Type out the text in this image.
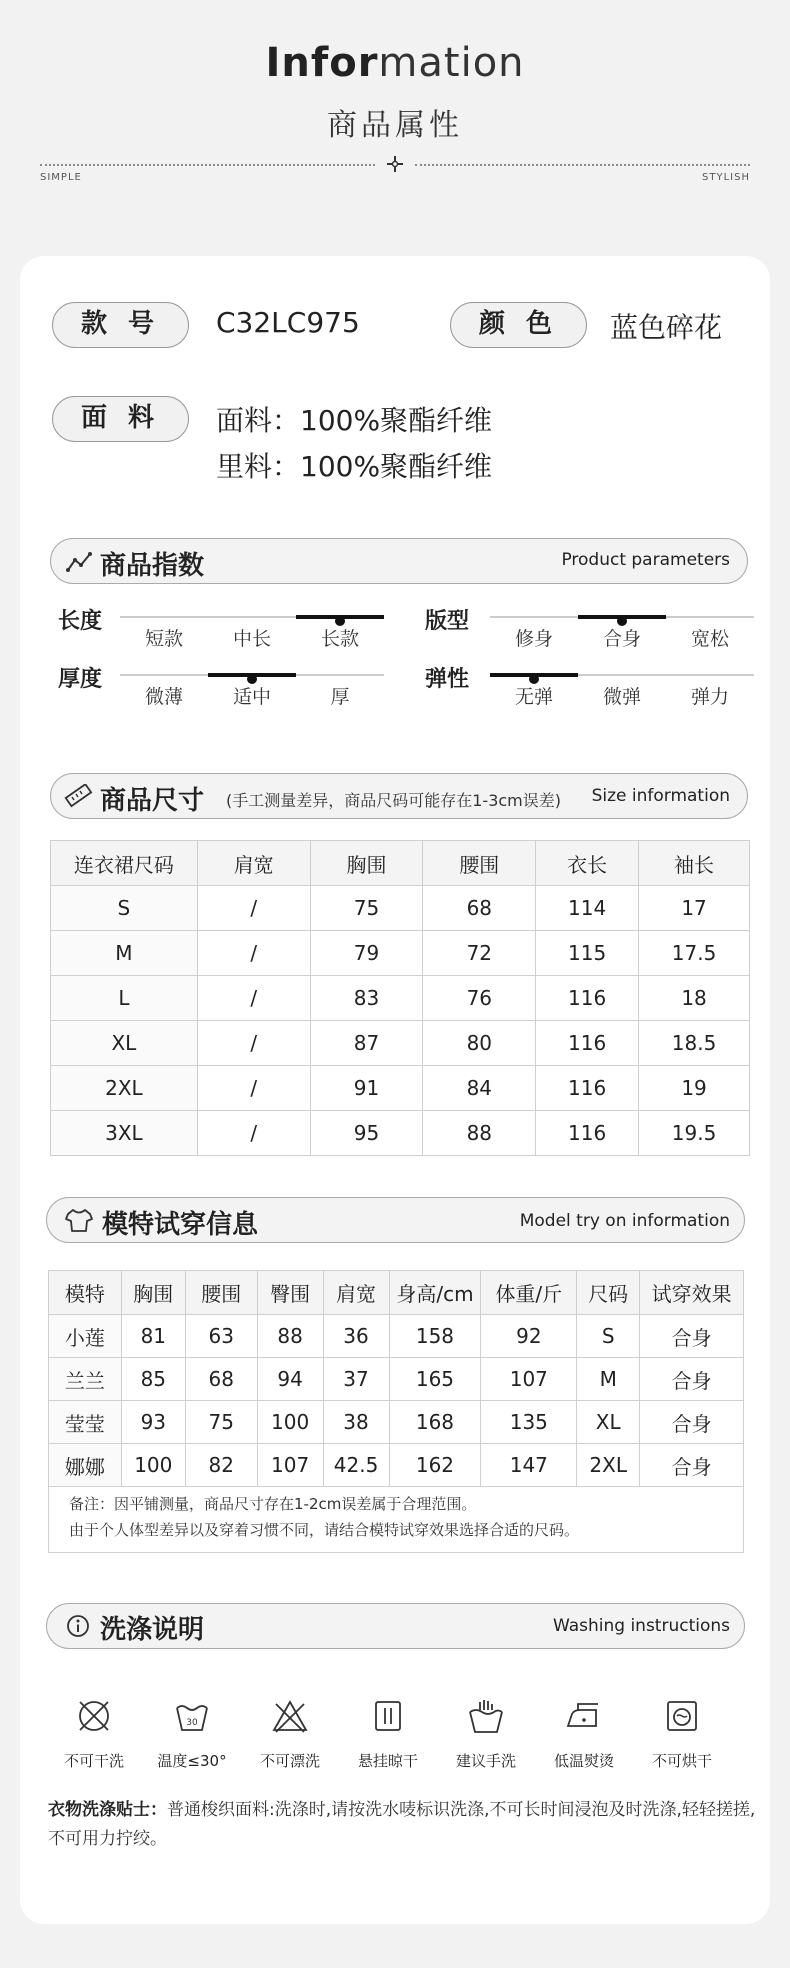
Information
商品属性
SIMPLE	STYLISH
款 号	C32LC975	颜 色	蓝色碎花
面 料	面料：100%聚酯纤维
里料：100%聚酯纤维
商品指数	Product parameters
长度
短款	中长	长款
版型
修身	合身	宽松
厚度
微薄	适中	厚
弹性
无弹	微弹	弹力
商品尺寸 (手工测量差异，商品尺码可能存在1-3cm误差) Size information
连衣裙尺码	肩宽	胸围	腰围	衣长	袖长
S	/	75	68	114	17
M	/	79	72	115	17.5
L	/	83	76	116	18
XL	/	87	80	116	18.5
2XL	/	91	84	116	19
3XL	/	95	88	116	19.5
模特试穿信息	Model try on information
模特	胸围	腰围	臀围	肩宽	身高/cm	体重/斤	尺码	试穿效果
小莲	81	63	88	36	158	92	S	合身
兰兰	85	68	94	37	165	107	M	合身
莹莹	93	75	100	38	168	135	XL	合身
娜娜	100	82	107	42.5	162	147	2XL	合身
备注：因平铺测量，商品尺寸存在1-2cm误差属于合理范围。
由于个人体型差异以及穿着习惯不同，请结合模特试穿效果选择合适的尺码。
洗涤说明	Washing instructions
不可干洗
30
温度≤30°	不可漂洗	悬挂晾干	建议手洗	低温熨烫	不可烘干
衣物洗涤贴士：普通梭织面料:洗涤时,请按洗水唛标识洗涤,不可长时间浸泡及时洗涤,轻轻搓搓,不可用力拧绞。
